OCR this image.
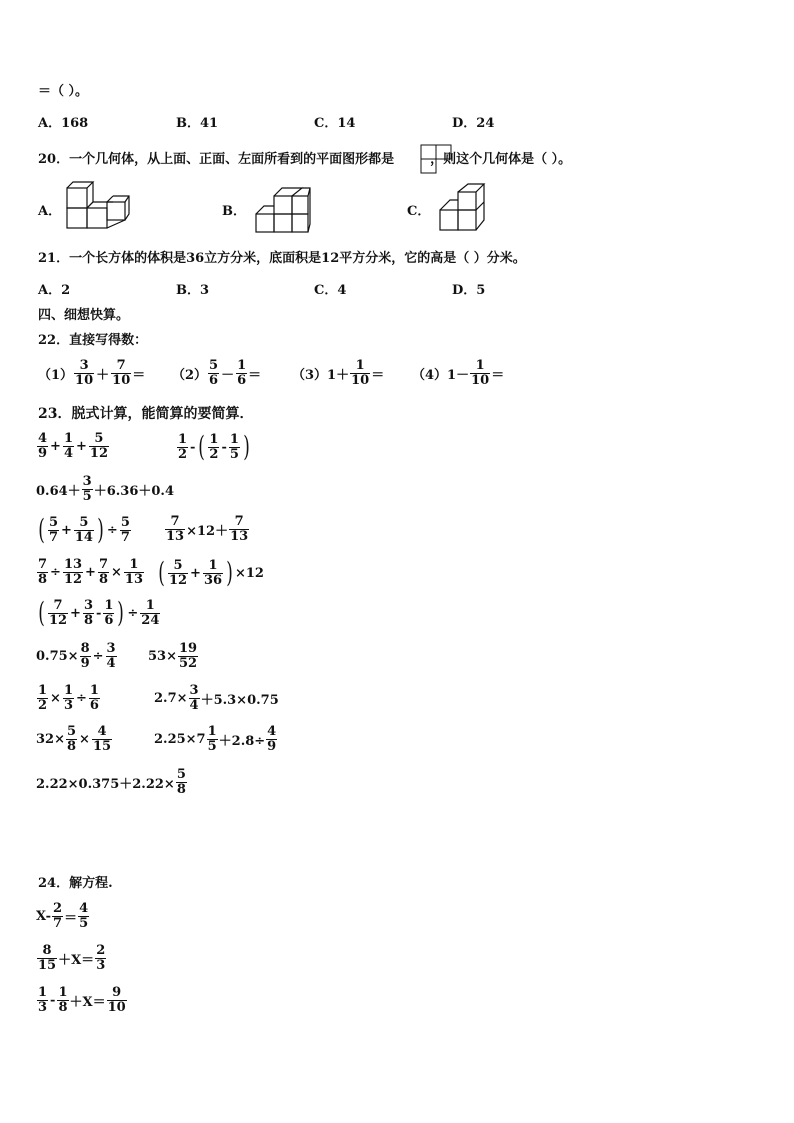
＝（ ）。
A．168	B．41	C．14	D．24
20．一个几何体，从上面、正面、左面所看到的平面图形都是	，则这个几何体是（ ）。
A．	B．	C．
21．一个长方体的体积是36立方分米，底面积是12平方分米，它的高是（ ）分米。
A．2	B．3	C．4	D．5
四、细想快算。
22．直接写得数：
$(1) \frac{3}{10} + \frac{7}{10} = (2) \frac{5}{6} - \frac{1}{6} = (3)1+ \frac{1}{10} = (4)1- \frac{1}{10}$ ＝
23．脱式计算，能简算的要简算．
$\frac{4}{9} + \frac{1}{4} + \frac{5}{12}$	$\frac{1}{2}$ - ( $\frac{1}{2} - \frac{1}{5}$ )
$0.64+ \frac{3}{5} +6.36+0.4$
( $\frac{5}{7} + \frac{5}{14}$ ) ÷ $\frac{5}{7}$	$\frac{7}{13} \times 12+ \frac{7}{13}$
$\frac{7}{8} \div \frac{13}{12} + \frac{7}{8} \times \frac{1}{13}$ ( $\frac{5}{12} + \frac{1}{36}$ ) ×12
( $\frac{7}{12} + \frac{3}{8} - \frac{1}{6}$ ) ÷ $\frac{1}{24}$
$0.75\times \frac{8}{9} \div \frac{3}{4} 53\times \frac{19}{52}$
$\frac{1}{2} \times \frac{1}{3} \div \frac{1}{6}$	$2.7\times \frac{3}{4} +5.3\times 0.75$
$32\times \frac{5}{8} \times \frac{4}{15}$	$2.25\times 7 \frac{1}{5} +2.8\div \frac{4}{9}$
$2.22\times 0.375+2.22\times \frac{5}{8}$
24．解方程.
$X- \frac{2}{7} = \frac{4}{5}$
$\frac{8}{15} +X= \frac{2}{3}$
$\frac{1}{3} - \frac{1}{8} +X= \frac{9}{10}$
